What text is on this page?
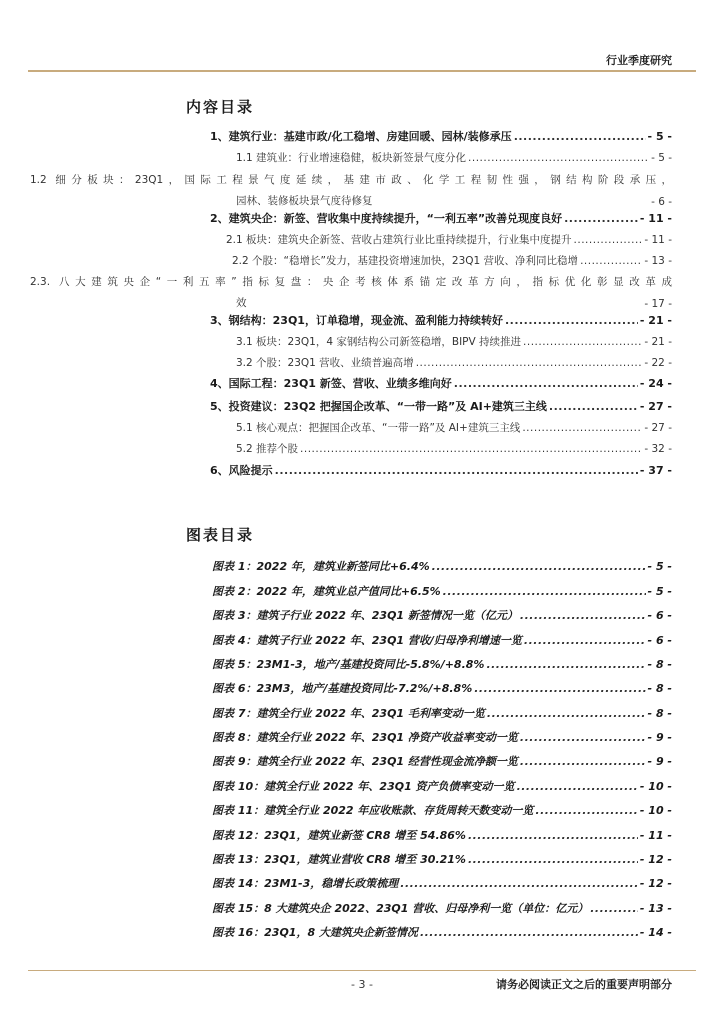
行业季度研究
内容目录
1、建筑行业：基建市政/化工稳增、房建回暖、园林/装修承压 .....	- 5 -
1.1 建筑业：行业增速稳健，板块新签景气度分化 .....	- 5 -
1.2 细分板块：23Q1，国际工程景气度延续，基建市政、化学工程韧性强，钢结构阶段承压，
园林、装修板块景气度待修复	- 6 -
2、建筑央企：新签、营收集中度持续提升，“一利五率”改善兑现度良好 .....	- 11 -
2.1 板块：建筑央企新签、营收占建筑行业比重持续提升，行业集中度提升 .....	- 11 -
2.2 个股：“稳增长”发力，基建投资增速加快，23Q1 营收、净利同比稳增 .....	- 13 -
2.3. 八大建筑央企“一利五率”指标复盘：央企考核体系锚定改革方向，指标优化彰显改革成
效	- 17 -
3、钢结构：23Q1，订单稳增，现金流、盈利能力持续转好 .....	- 21 -
3.1 板块：23Q1，4 家钢结构公司新签稳增，BIPV 持续推进 .....	- 21 -
3.2 个股：23Q1 营收、业绩普遍高增 .....	- 22 -
4、国际工程：23Q1 新签、营收、业绩多维向好 .....	- 24 -
5、投资建议：23Q2 把握国企改革、“一带一路”及 AI+建筑三主线 .....	- 27 -
5.1 核心观点：把握国企改革、“一带一路”及 AI+建筑三主线 .....	- 27 -
5.2 推荐个股 .....	- 32 -
6、风险提示 .....	- 37 -
图表目录
图表 1：2022 年，建筑业新签同比+6.4% .....	- 5 -
图表 2：2022 年，建筑业总产值同比+6.5% .....	- 5 -
图表 3：建筑子行业 2022 年、23Q1 新签情况一览（亿元） .....	- 6 -
图表 4：建筑子行业 2022 年、23Q1 营收/归母净利增速一览 .....	- 6 -
图表 5：23M1-3，地产/基建投资同比-5.8%/+8.8% .....	- 8 -
图表 6：23M3，地产/基建投资同比-7.2%/+8.8% .....	- 8 -
图表 7：建筑全行业 2022 年、23Q1 毛利率变动一览 .....	- 8 -
图表 8：建筑全行业 2022 年、23Q1 净资产收益率变动一览 .....	- 9 -
图表 9：建筑全行业 2022 年、23Q1 经营性现金流净额一览 .....	- 9 -
图表 10：建筑全行业 2022 年、23Q1 资产负债率变动一览 .....	- 10 -
图表 11：建筑全行业 2022 年应收账款、存货周转天数变动一览 .....	- 10 -
图表 12：23Q1，建筑业新签 CR8 增至 54.86% .....	- 11 -
图表 13：23Q1，建筑业营收 CR8 增至 30.21% .....	- 12 -
图表 14：23M1-3，稳增长政策梳理 .....	- 12 -
图表 15：8 大建筑央企 2022、23Q1 营收、归母净利一览（单位：亿元） .....	- 13 -
图表 16：23Q1，8 大建筑央企新签情况 .....	- 14 -
- 3 -	请务必阅读正文之后的重要声明部分
